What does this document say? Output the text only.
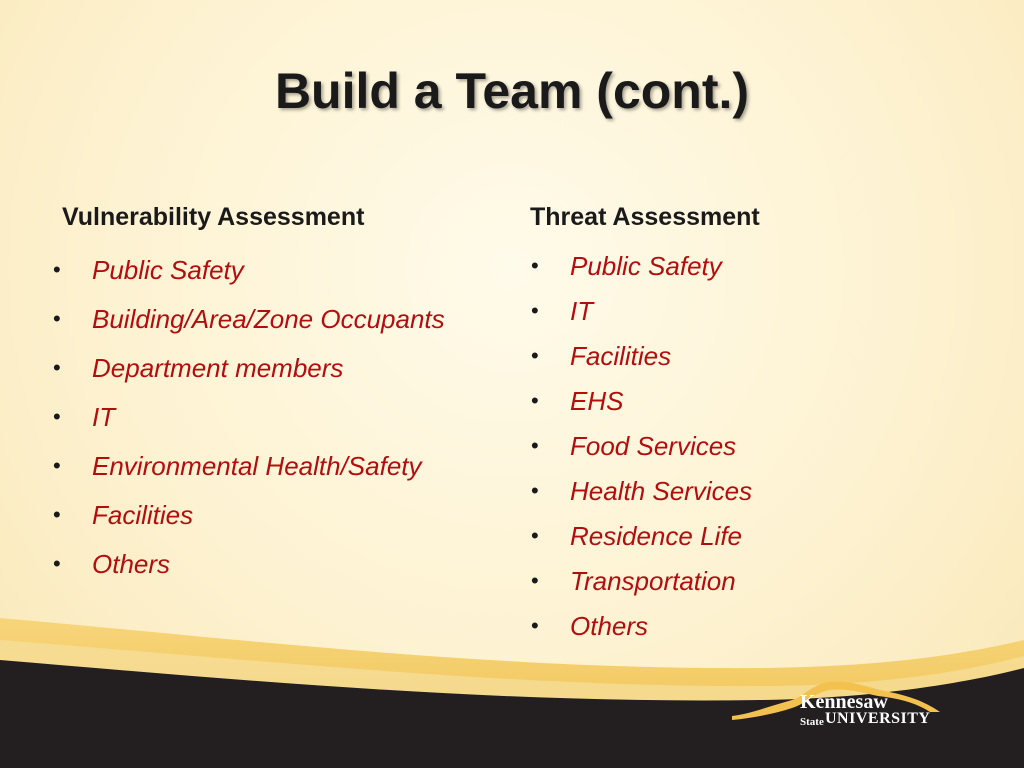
Build a Team (cont.)
Vulnerability Assessment
• Public Safety
• Building/Area/Zone Occupants
• Department members
• IT
• Environmental Health/Safety
• Facilities
• Others
Threat Assessment
• Public Safety
• IT
• Facilities
• EHS
• Food Services
• Health Services
• Residence Life
• Transportation
• Others
Kennesaw
State UNIVERSITY
